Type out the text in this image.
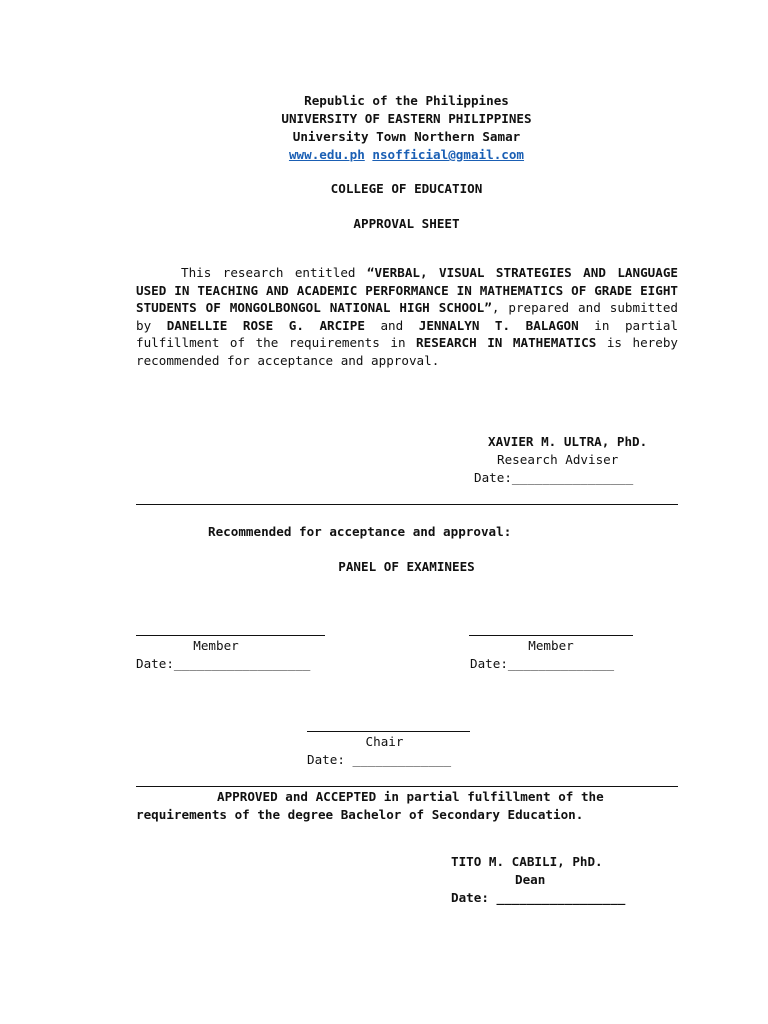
Republic of the Philippines
UNIVERSITY OF EASTERN PHILIPPINES
University Town Northern Samar
www.edu.ph nsofficial@gmail.com
COLLEGE OF EDUCATION
APPROVAL SHEET
This research entitled “VERBAL, VISUAL STRATEGIES AND LANGUAGE USED IN TEACHING AND ACADEMIC PERFORMANCE IN MATHEMATICS OF GRADE EIGHT STUDENTS OF MONGOLBONGOL NATIONAL HIGH SCHOOL”, prepared and submitted by DANELLIE ROSE G. ARCIPE and JENNALYN T. BALAGON in partial fulfillment of the requirements in RESEARCH IN MATHEMATICS is hereby recommended for acceptance and approval.
XAVIER M. ULTRA, PhD.
Research Adviser
Date:________________
Recommended for acceptance and approval:
PANEL OF EXAMINEES
Member
Date:__________________
Member
Date:______________
Chair
Date: _____________
APPROVED and ACCEPTED in partial fulfillment of the
requirements of the degree Bachelor of Secondary Education.
TITO M. CABILI, PhD.
Dean
Date: _________________
